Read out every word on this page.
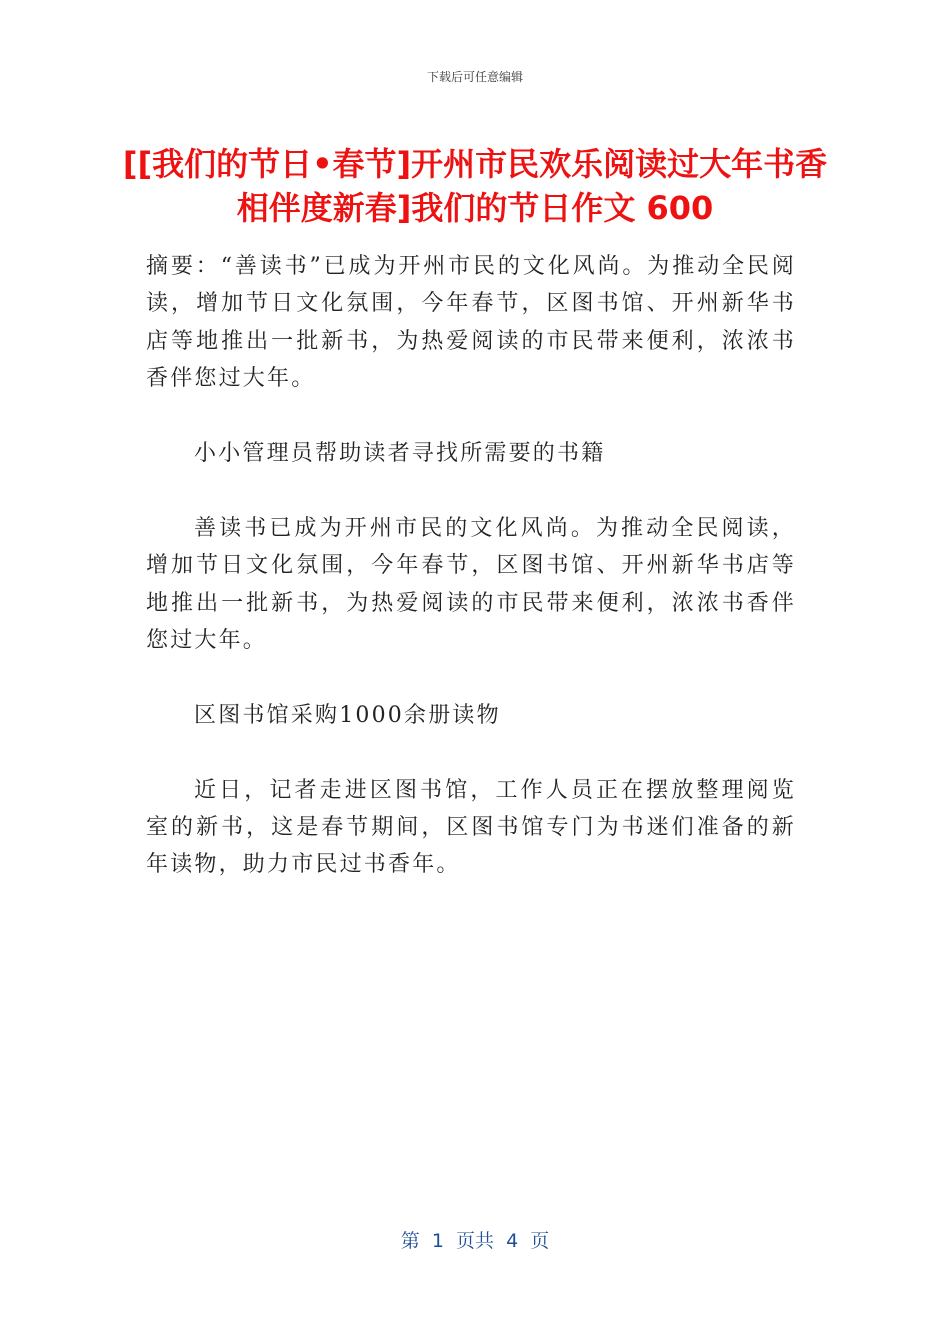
下载后可任意编辑
[[我们的节日•春节]开州市民欢乐阅读过大年书香相伴度新春]我们的节日作文 600

摘要：“善读书”已成为开州市民的文化风尚。为推动全民阅读，增加节日文化氛围，今年春节，区图书馆、开州新华书店等地推出一批新书，为热爱阅读的市民带来便利，浓浓书香伴您过大年。

小小管理员帮助读者寻找所需要的书籍

善读书已成为开州市民的文化风尚。为推动全民阅读，增加节日文化氛围，今年春节，区图书馆、开州新华书店等地推出一批新书，为热爱阅读的市民带来便利，浓浓书香伴您过大年。

区图书馆采购1000余册读物

近日，记者走进区图书馆，工作人员正在摆放整理阅览室的新书，这是春节期间，区图书馆专门为书迷们准备的新年读物，助力市民过书香年。

第  1  页共  4  页
